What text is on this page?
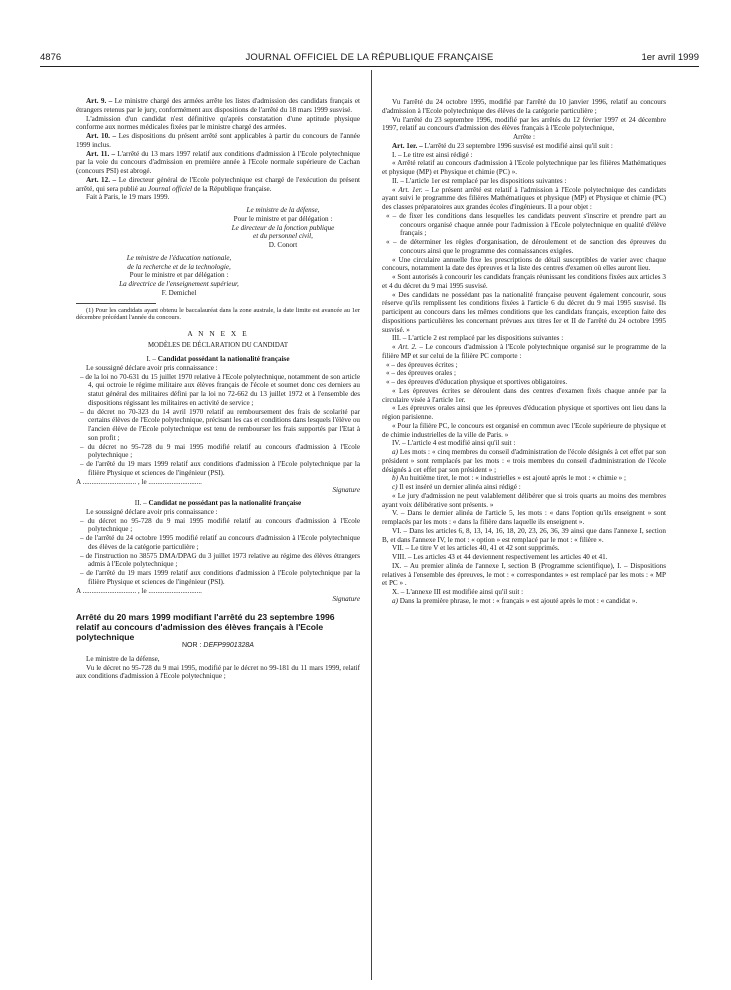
4876	JOURNAL OFFICIEL DE LA RÉPUBLIQUE FRANÇAISE	1er avril 1999

Art. 9. – Le ministre chargé des armées arrête les listes d'admission des candidats français et étrangers retenus par le jury, conformément aux dispositions de l'arrêté du 18 mars 1999 susvisé.

L'admission d'un candidat n'est définitive qu'après constatation d'une aptitude physique conforme aux normes médicales fixées par le ministre chargé des armées.

Art. 10. – Les dispositions du présent arrêté sont applicables à partir du concours de l'année 1999 inclus.

Art. 11. – L'arrêté du 13 mars 1997 relatif aux conditions d'admission à l'Ecole polytechnique par la voie du concours d'admission en première année à l'Ecole normale supérieure de Cachan (concours PSI) est abrogé.

Art. 12. – Le directeur général de l'Ecole polytechnique est chargé de l'exécution du présent arrêté, qui sera publié au Journal officiel de la République française.

Fait à Paris, le 19 mars 1999.

Le ministre de la défense,

Pour le ministre et par délégation :

Le directeur de la fonction publique

et du personnel civil,

D. Conort

Le ministre de l'éducation nationale,

de la recherche et de la technologie,

Pour le ministre et par délégation :

La directrice de l'enseignement supérieur,

F. Demichel

(1) Pour les candidats ayant obtenu le baccalauréat dans la zone australe, la date limite est avancée au 1er décembre précédant l'année du concours.

A N N E X E

MODÈLES DE DÉCLARATION DU CANDIDAT

I. – Candidat possédant la nationalité française

Le soussigné déclare avoir pris connaissance :

– de la loi no 70-631 du 15 juillet 1970 relative à l'Ecole polytechnique, notamment de son article 4, qui octroie le régime militaire aux élèves français de l'école et soumet donc ces derniers au statut général des militaires défini par la loi no 72-662 du 13 juillet 1972 et à l'ensemble des dispositions régissant les militaires en activité de service ;

– du décret no 70-323 du 14 avril 1970 relatif au remboursement des frais de scolarité par certains élèves de l'Ecole polytechnique, précisant les cas et conditions dans lesquels l'élève ou l'ancien élève de l'Ecole polytechnique est tenu de rembourser les frais supportés par l'Etat à son profit ;

– du décret no 95-728 du 9 mai 1995 modifié relatif au concours d'admission à l'Ecole polytechnique ;

– de l'arrêté du 19 mars 1999 relatif aux conditions d'admission à l'Ecole polytechnique par la filière Physique et sciences de l'ingénieur (PSI).

A .............................. , le ..............................

Signature

II. – Candidat ne possédant pas la nationalité française

Le soussigné déclare avoir pris connaissance :

– du décret no 95-728 du 9 mai 1995 modifié relatif au concours d'admission à l'Ecole polytechnique ;

– de l'arrêté du 24 octobre 1995 modifié relatif au concours d'admission à l'Ecole polytechnique des élèves de la catégorie particulière ;

– de l'instruction no 38575 DMA/DPAG du 3 juillet 1973 relative au régime des élèves étrangers admis à l'Ecole polytechnique ;

– de l'arrêté du 19 mars 1999 relatif aux conditions d'admission à l'Ecole polytechnique par la filière Physique et sciences de l'ingénieur (PSI).

A .............................. , le ..............................

Signature

Arrêté du 20 mars 1999 modifiant l'arrêté du 23 septembre 1996 relatif au concours d'admission des élèves français à l'Ecole polytechnique

NOR : DEFP9901328A

Le ministre de la défense,

Vu le décret no 95-728 du 9 mai 1995, modifié par le décret no 99-181 du 11 mars 1999, relatif aux conditions d'admission à l'Ecole polytechnique ;

Vu l'arrêté du 24 octobre 1995, modifié par l'arrêté du 10 janvier 1996, relatif au concours d'admission à l'Ecole polytechnique des élèves de la catégorie particulière ;

Vu l'arrêté du 23 septembre 1996, modifié par les arrêtés du 12 février 1997 et 24 décembre 1997, relatif au concours d'admission des élèves français à l'Ecole polytechnique,

Arrête :

Art. 1er. – L'arrêté du 23 septembre 1996 susvisé est modifié ainsi qu'il suit :

I. – Le titre est ainsi rédigé :

« Arrêté relatif au concours d'admission à l'Ecole polytechnique par les filières Mathématiques et physique (MP) et Physique et chimie (PC) ».

II. – L'article 1er est remplacé par les dispositions suivantes :

« Art. 1er. – Le présent arrêté est relatif à l'admission à l'Ecole polytechnique des candidats ayant suivi le programme des filières Mathématiques et physique (MP) et Physique et chimie (PC) des classes préparatoires aux grandes écoles d'ingénieurs. Il a pour objet :

« – de fixer les conditions dans lesquelles les candidats peuvent s'inscrire et prendre part au concours organisé chaque année pour l'admission à l'Ecole polytechnique en qualité d'élève français ;

« – de déterminer les règles d'organisation, de déroulement et de sanction des épreuves du concours ainsi que le programme des connaissances exigées.

« Une circulaire annuelle fixe les prescriptions de détail susceptibles de varier avec chaque concours, notamment la date des épreuves et la liste des centres d'examen où elles auront lieu.

« Sont autorisés à concourir les candidats français réunissant les conditions fixées aux articles 3 et 4 du décret du 9 mai 1995 susvisé.

« Des candidats ne possédant pas la nationalité française peuvent également concourir, sous réserve qu'ils remplissent les conditions fixées à l'article 6 du décret du 9 mai 1995 susvisé. Ils participent au concours dans les mêmes conditions que les candidats français, exception faite des dispositions particulières les concernant prévues aux titres Ier et II de l'arrêté du 24 octobre 1995 susvisé. »

III. – L'article 2 est remplacé par les dispositions suivantes :

« Art. 2. – Le concours d'admission à l'Ecole polytechnique organisé sur le programme de la filière MP et sur celui de la filière PC comporte :

« – des épreuves écrites ;

« – des épreuves orales ;

« – des épreuves d'éducation physique et sportives obligatoires.

« Les épreuves écrites se déroulent dans des centres d'examen fixés chaque année par la circulaire visée à l'article 1er.

« Les épreuves orales ainsi que les épreuves d'éducation physique et sportives ont lieu dans la région parisienne.

« Pour la filière PC, le concours est organisé en commun avec l'Ecole supérieure de physique et de chimie industrielles de la ville de Paris. »

IV. – L'article 4 est modifié ainsi qu'il suit :

a) Les mots : « cinq membres du conseil d'administration de l'école désignés à cet effet par son président » sont remplacés par les mots : « trois membres du conseil d'administration de l'école désignés à cet effet par son président » ;

b) Au huitième tiret, le mot : « industrielles » est ajouté après le mot : « chimie » ;

c) Il est inséré un dernier alinéa ainsi rédigé :

« Le jury d'admission ne peut valablement délibérer que si trois quarts au moins des membres ayant voix délibérative sont présents. »

V. – Dans le dernier alinéa de l'article 5, les mots : « dans l'option qu'ils enseignent » sont remplacés par les mots : « dans la filière dans laquelle ils enseignent ».

VI. – Dans les articles 6, 8, 13, 14, 16, 18, 20, 23, 26, 36, 39 ainsi que dans l'annexe I, section B, et dans l'annexe IV, le mot : « option » est remplacé par le mot : « filière ».

VII. – Le titre V et les articles 40, 41 et 42 sont supprimés.

VIII. – Les articles 43 et 44 deviennent respectivement les articles 40 et 41.

IX. – Au premier alinéa de l'annexe I, section B (Programme scientifique), I. – Dispositions relatives à l'ensemble des épreuves, le mot : « correspondantes » est remplacé par les mots : « MP et PC » .

X. – L'annexe III est modifiée ainsi qu'il suit :

a) Dans la première phrase, le mot : « français » est ajouté après le mot : « candidat ».
